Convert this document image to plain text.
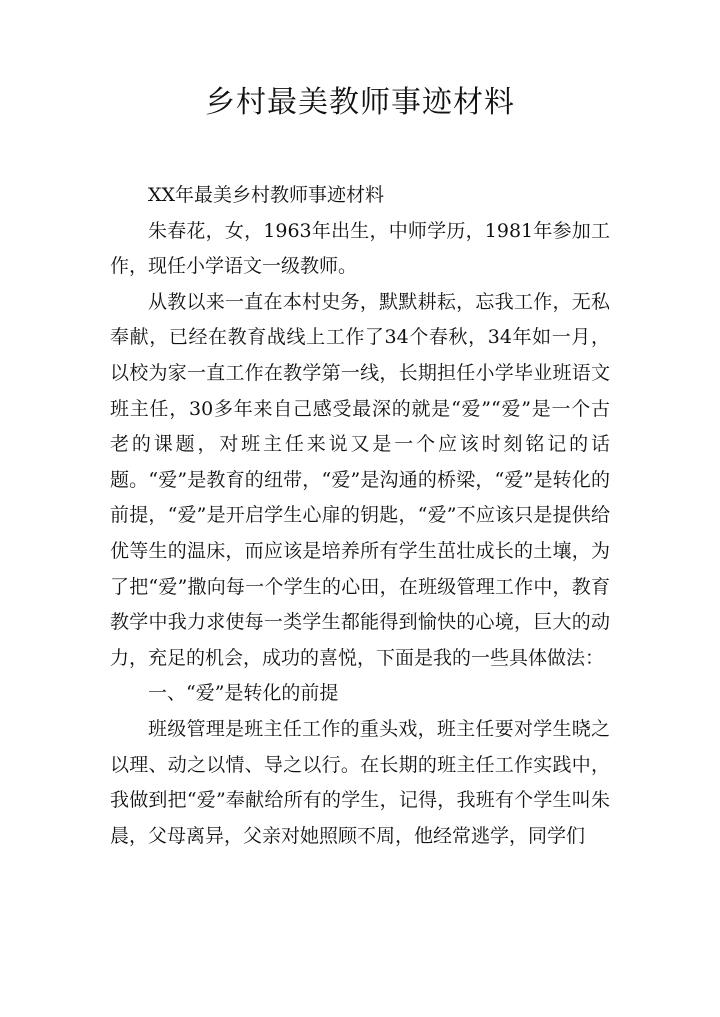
乡村最美教师事迹材料

XX年最美乡村教师事迹材料

朱春花，女，1963年出生，中师学历，1981年参加工作，现任小学语文一级教师。

从教以来一直在本村史务，默默耕耘，忘我工作，无私奉献，已经在教育战线上工作了34个春秋，34年如一月，以校为家一直工作在教学第一线，长期担任小学毕业班语文班主任，30多年来自己感受最深的就是“爱”“爱”是一个古老的课题，对班主任来说又是一个应该时刻铭记的话题。“爱”是教育的纽带，“爱”是沟通的桥梁，“爱”是转化的前提，“爱”是开启学生心扉的钥匙，“爱”不应该只是提供给优等生的温床，而应该是培养所有学生茁壮成长的土壤，为了把“爱”撒向每一个学生的心田，在班级管理工作中，教育教学中我力求使每一类学生都能得到愉快的心境，巨大的动力，充足的机会，成功的喜悦，下面是我的一些具体做法：

一、“爱”是转化的前提

班级管理是班主任工作的重头戏，班主任要对学生晓之以理、动之以情、导之以行。在长期的班主任工作实践中，我做到把“爱”奉献给所有的学生，记得，我班有个学生叫朱晨，父母离异，父亲对她照顾不周，他经常逃学，同学们
